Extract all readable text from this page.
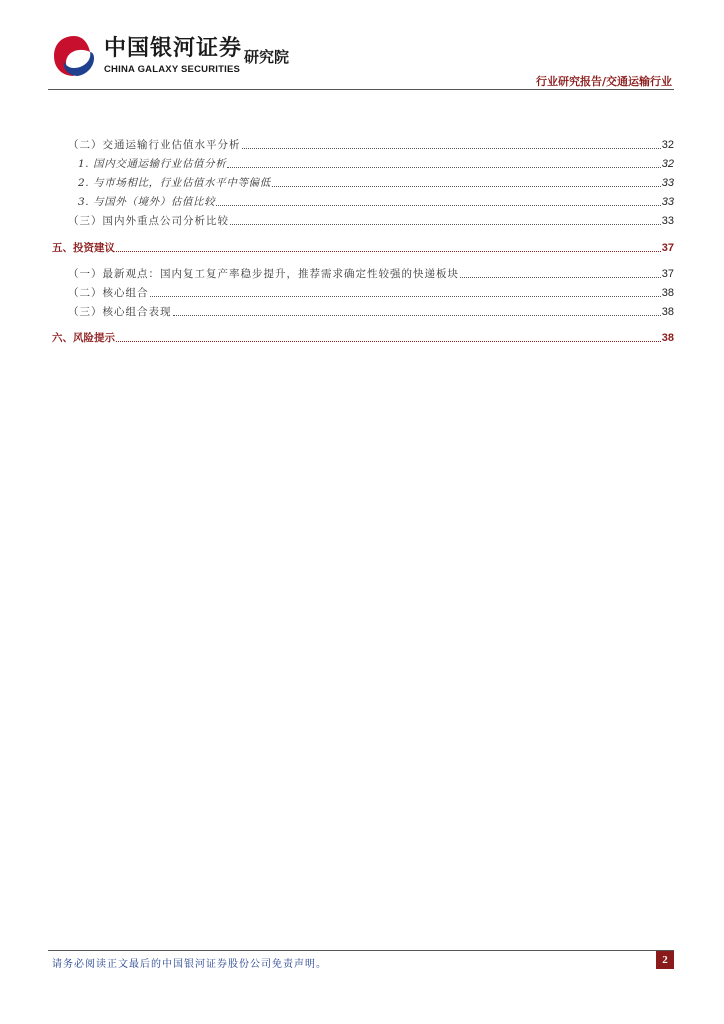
中国银河证券
CHINA GALAXY SECURITIES
研究院
行业研究报告/交通运输行业
（二）交通运输行业估值水平分析	32
1. 国内交通运输行业估值分析	32
2. 与市场相比，行业估值水平中等偏低	33
3. 与国外（境外）估值比较	33
（三）国内外重点公司分析比较	33
五、投资建议	37
（一）最新观点：国内复工复产率稳步提升，推荐需求确定性较强的快递板块	37
（二）核心组合	38
（三）核心组合表现	38
六、风险提示	38
请务必阅读正文最后的中国银河证券股份公司免责声明。	2
